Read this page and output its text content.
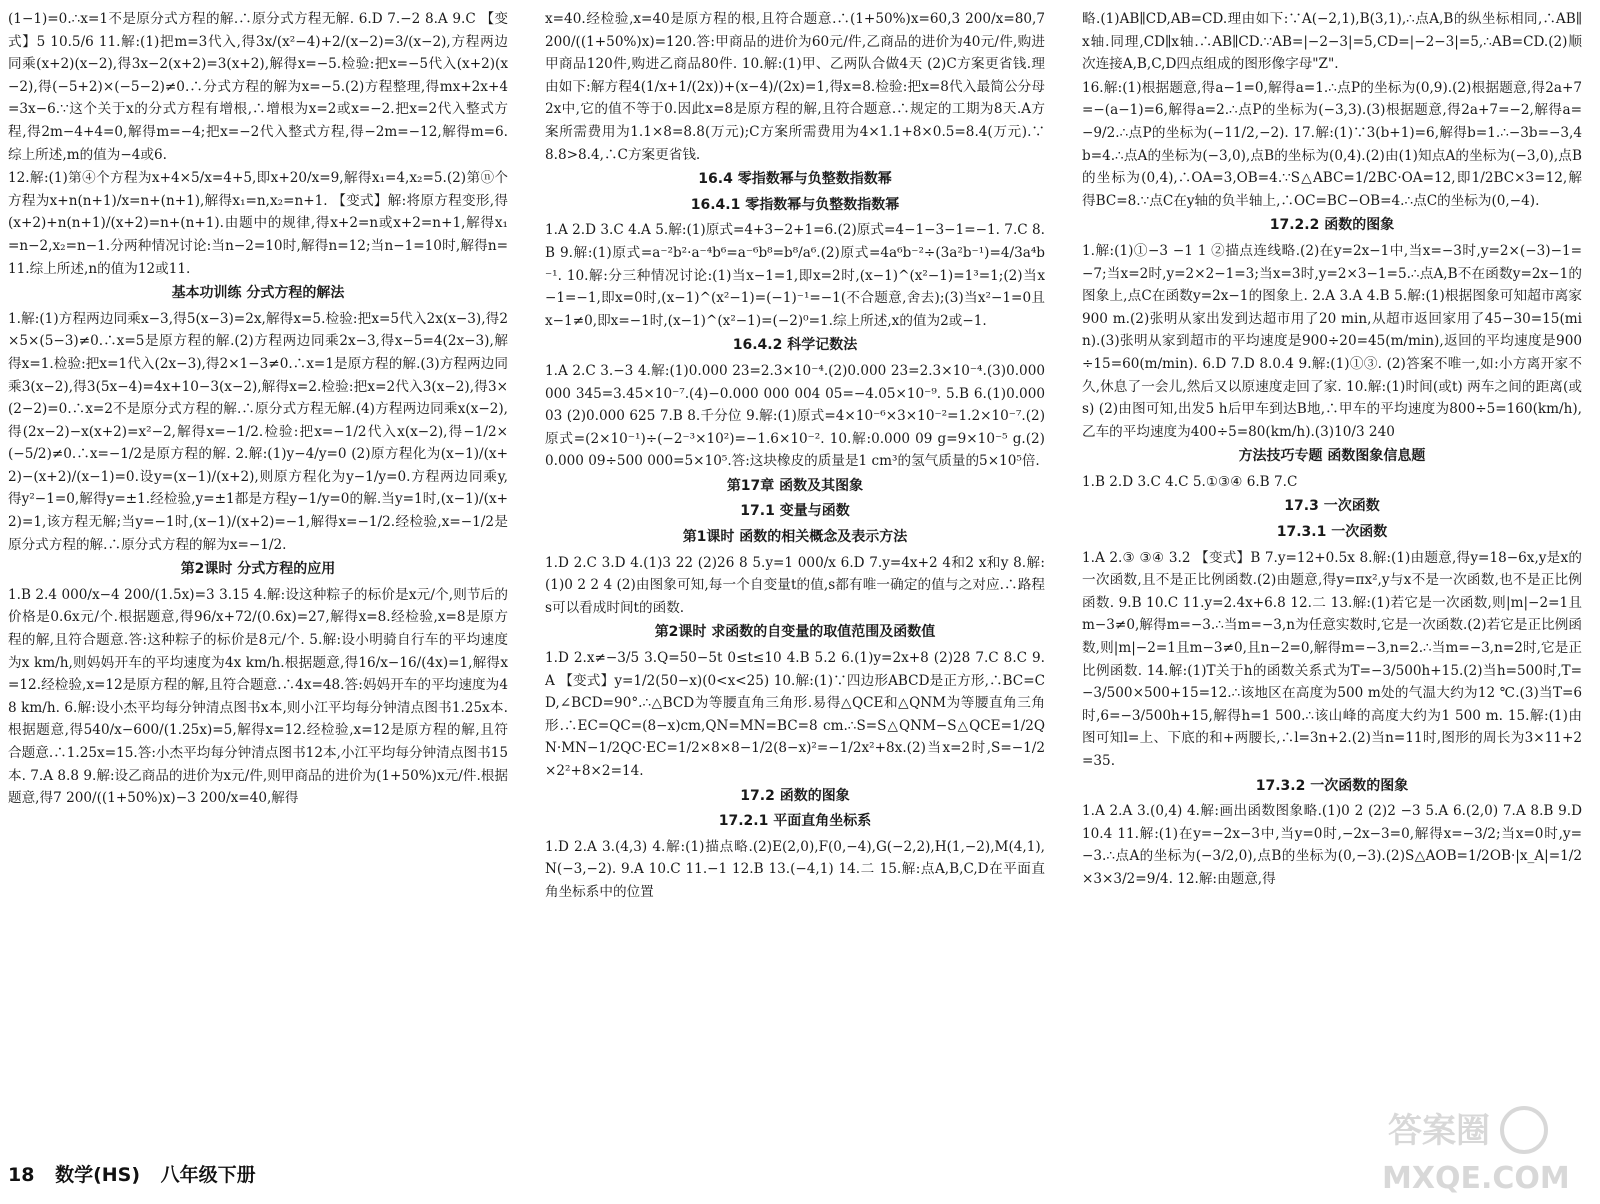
(1−1)=0.∴x=1不是原分式方程的解.∴原分式方程无解. 6.D 7.−2 8.A 9.C 【变式】5 10.5/6 11.解:(1)把m=3代入,得3x/(x²−4)+2/(x−2)=3/(x−2),方程两边同乘(x+2)(x−2),得3x−2(x+2)=3(x+2),解得x=−5.检验:把x=−5代入(x+2)(x−2),得(−5+2)×(−5−2)≠0.∴分式方程的解为x=−5.(2)方程整理,得mx+2x+4=3x−6.∵这个关于x的分式方程有增根,∴增根为x=2或x=−2.把x=2代入整式方程,得2m−4+4=0,解得m=−4;把x=−2代入整式方程,得−2m=−12,解得m=6.综上所述,m的值为−4或6.

12.解:(1)第④个方程为x+4×5/x=4+5,即x+20/x=9,解得x₁=4,x₂=5.(2)第ⓝ个方程为x+n(n+1)/x=n+(n+1),解得x₁=n,x₂=n+1. 【变式】解:将原方程变形,得(x+2)+n(n+1)/(x+2)=n+(n+1).由题中的规律,得x+2=n或x+2=n+1,解得x₁=n−2,x₂=n−1.分两种情况讨论:当n−2=10时,解得n=12;当n−1=10时,解得n=11.综上所述,n的值为12或11.

基本功训练 分式方程的解法

1.解:(1)方程两边同乘x−3,得5(x−3)=2x,解得x=5.检验:把x=5代入2x(x−3),得2×5×(5−3)≠0.∴x=5是原方程的解.(2)方程两边同乘2x−3,得x−5=4(2x−3),解得x=1.检验:把x=1代入(2x−3),得2×1−3≠0.∴x=1是原方程的解.(3)方程两边同乘3(x−2),得3(5x−4)=4x+10−3(x−2),解得x=2.检验:把x=2代入3(x−2),得3×(2−2)=0.∴x=2不是原分式方程的解.∴原分式方程无解.(4)方程两边同乘x(x−2),得(2x−2)−x(x+2)=x²−2,解得x=−1/2.检验:把x=−1/2代入x(x−2),得−1/2×(−5/2)≠0.∴x=−1/2是原方程的解. 2.解:(1)y−4/y=0 (2)原方程化为(x−1)/(x+2)−(x+2)/(x−1)=0.设y=(x−1)/(x+2),则原方程化为y−1/y=0.方程两边同乘y,得y²−1=0,解得y=±1.经检验,y=±1都是方程y−1/y=0的解.当y=1时,(x−1)/(x+2)=1,该方程无解;当y=−1时,(x−1)/(x+2)=−1,解得x=−1/2.经检验,x=−1/2是原分式方程的解.∴原分式方程的解为x=−1/2.

第2课时 分式方程的应用

1.B 2.4 000/x−4 200/(1.5x)=3 3.15 4.解:设这种粽子的标价是x元/个,则节后的价格是0.6x元/个.根据题意,得96/x+72/(0.6x)=27,解得x=8.经检验,x=8是原方程的解,且符合题意.答:这种粽子的标价是8元/个. 5.解:设小明骑自行车的平均速度为x km/h,则妈妈开车的平均速度为4x km/h.根据题意,得16/x−16/(4x)=1,解得x=12.经检验,x=12是原方程的解,且符合题意.∴4x=48.答:妈妈开车的平均速度为48 km/h. 6.解:设小杰平均每分钟清点图书x本,则小江平均每分钟清点图书1.25x本.根据题意,得540/x−600/(1.25x)=5,解得x=12.经检验,x=12是原方程的解,且符合题意.∴1.25x=15.答:小杰平均每分钟清点图书12本,小江平均每分钟清点图书15本. 7.A 8.8 9.解:设乙商品的进价为x元/件,则甲商品的进价为(1+50%)x元/件.根据题意,得7 200/((1+50%)x)−3 200/x=40,解得

x=40.经检验,x=40是原方程的根,且符合题意.∴(1+50%)x=60,3 200/x=80,7 200/((1+50%)x)=120.答:甲商品的进价为60元/件,乙商品的进价为40元/件,购进甲商品120件,购进乙商品80件. 10.解:(1)甲、乙两队合做4天 (2)C方案更省钱.理由如下:解方程4(1/x+1/(2x))+(x−4)/(2x)=1,得x=8.检验:把x=8代入最简公分母2x中,它的值不等于0.因此x=8是原方程的解,且符合题意.∴规定的工期为8天.A方案所需费用为1.1×8=8.8(万元);C方案所需费用为4×1.1+8×0.5=8.4(万元).∵8.8>8.4,∴C方案更省钱.

16.4 零指数幂与负整数指数幂
16.4.1 零指数幂与负整数指数幂

1.A 2.D 3.C 4.A 5.解:(1)原式=4+3−2+1=6.(2)原式=4−1−3−1=−1. 7.C 8.B 9.解:(1)原式=a⁻²b²·a⁻⁴b⁶=a⁻⁶b⁸=b⁸/a⁶.(2)原式=4a⁶b⁻²÷(3a²b⁻¹)=4/3a⁴b⁻¹. 10.解:分三种情况讨论:(1)当x−1=1,即x=2时,(x−1)^(x²−1)=1³=1;(2)当x−1=−1,即x=0时,(x−1)^(x²−1)=(−1)⁻¹=−1(不合题意,舍去);(3)当x²−1=0且x−1≠0,即x=−1时,(x−1)^(x²−1)=(−2)⁰=1.综上所述,x的值为2或−1.

16.4.2 科学记数法

1.A 2.C 3.−3 4.解:(1)0.000 23=2.3×10⁻⁴.(2)0.000 23=2.3×10⁻⁴.(3)0.000 000 345=3.45×10⁻⁷.(4)−0.000 000 004 05=−4.05×10⁻⁹. 5.B 6.(1)0.000 03 (2)0.000 625 7.B 8.千分位 9.解:(1)原式=4×10⁻⁶×3×10⁻²=1.2×10⁻⁷.(2)原式=(2×10⁻¹)÷(−2⁻³×10²)=−1.6×10⁻². 10.解:0.000 09 g=9×10⁻⁵ g.(2)0.000 09÷500 000=5×10⁵.答:这块橡皮的质量是1 cm³的氢气质量的5×10⁵倍.

第17章 函数及其图象
17.1 变量与函数
第1课时 函数的相关概念及表示方法

1.D 2.C 3.D 4.(1)3 22 (2)26 8 5.y=1 000/x 6.D 7.y=4x+2 4和2 x和y 8.解:(1)0 2 2 4 (2)由图象可知,每一个自变量t的值,s都有唯一确定的值与之对应.∴路程s可以看成时间t的函数.

第2课时 求函数的自变量的取值范围及函数值

1.D 2.x≠−3/5 3.Q=50−5t 0≤t≤10 4.B 5.2 6.(1)y=2x+8 (2)28 7.C 8.C 9.A 【变式】y=1/2(50−x)(0<x<25) 10.解:(1)∵四边形ABCD是正方形,∴BC=CD,∠BCD=90°.∴△BCD为等腰直角三角形.易得△QCE和△QNM为等腰直角三角形.∴EC=QC=(8−x)cm,QN=MN=BC=8 cm.∴S=S△QNM−S△QCE=1/2QN·MN−1/2QC·EC=1/2×8×8−1/2(8−x)²=−1/2x²+8x.(2)当x=2时,S=−1/2×2²+8×2=14.

17.2 函数的图象
17.2.1 平面直角坐标系

1.D 2.A 3.(4,3) 4.解:(1)描点略.(2)E(2,0),F(0,−4),G(−2,2),H(1,−2),M(4,1),N(−3,−2). 9.A 10.C 11.−1 12.B 13.(−4,1) 14.二 15.解:点A,B,C,D在平面直角坐标系中的位置

略.(1)AB∥CD,AB=CD.理由如下:∵A(−2,1),B(3,1),∴点A,B的纵坐标相同,∴AB∥x轴.同理,CD∥x轴.∴AB∥CD.∵AB=|−2−3|=5,CD=|−2−3|=5,∴AB=CD.(2)顺次连接A,B,C,D四点组成的图形像字母"Z".

16.解:(1)根据题意,得a−1=0,解得a=1.∴点P的坐标为(0,9).(2)根据题意,得2a+7=−(a−1)=6,解得a=2.∴点P的坐标为(−3,3).(3)根据题意,得2a+7=−2,解得a=−9/2.∴点P的坐标为(−11/2,−2). 17.解:(1)∵3(b+1)=6,解得b=1.∴−3b=−3,4b=4.∴点A的坐标为(−3,0),点B的坐标为(0,4).(2)由(1)知点A的坐标为(−3,0),点B的坐标为(0,4),∴OA=3,OB=4.∵S△ABC=1/2BC·OA=12,即1/2BC×3=12,解得BC=8.∵点C在y轴的负半轴上,∴OC=BC−OB=4.∴点C的坐标为(0,−4).

17.2.2 函数的图象

1.解:(1)①−3 −1 1 ②描点连线略.(2)在y=2x−1中,当x=−3时,y=2×(−3)−1=−7;当x=2时,y=2×2−1=3;当x=3时,y=2×3−1=5.∴点A,B不在函数y=2x−1的图象上,点C在函数y=2x−1的图象上. 2.A 3.A 4.B 5.解:(1)根据图象可知超市离家900 m.(2)张明从家出发到达超市用了20 min,从超市返回家用了45−30=15(min).(3)张明从家到超市的平均速度是900÷20=45(m/min),返回的平均速度是900÷15=60(m/min). 6.D 7.D 8.0.4 9.解:(1)①③. (2)答案不唯一,如:小方离开家不久,休息了一会儿,然后又以原速度走回了家. 10.解:(1)时间(或t) 两车之间的距离(或s) (2)由图可知,出发5 h后甲车到达B地,∴甲车的平均速度为800÷5=160(km/h),乙车的平均速度为400÷5=80(km/h).(3)10/3 240

方法技巧专题 函数图象信息题

1.B 2.D 3.C 4.C 5.①③④ 6.B 7.C

17.3 一次函数
17.3.1 一次函数

1.A 2.③ ③④ 3.2 【变式】B 7.y=12+0.5x 8.解:(1)由题意,得y=18−6x,y是x的一次函数,且不是正比例函数.(2)由题意,得y=πx²,y与x不是一次函数,也不是正比例函数. 9.B 10.C 11.y=2.4x+6.8 12.二 13.解:(1)若它是一次函数,则|m|−2=1且m−3≠0,解得m=−3.∴当m=−3,n为任意实数时,它是一次函数.(2)若它是正比例函数,则|m|−2=1且m−3≠0,且n−2=0,解得m=−3,n=2.∴当m=−3,n=2时,它是正比例函数. 14.解:(1)T关于h的函数关系式为T=−3/500h+15.(2)当h=500时,T=−3/500×500+15=12.∴该地区在高度为500 m处的气温大约为12 ℃.(3)当T=6时,6=−3/500h+15,解得h=1 500.∴该山峰的高度大约为1 500 m. 15.解:(1)由图可知l=上、下底的和+两腰长,∴l=3n+2.(2)当n=11时,图形的周长为3×11+2=35.

17.3.2 一次函数的图象

1.A 2.A 3.(0,4) 4.解:画出函数图象略.(1)0 2 (2)2 −3 5.A 6.(2,0) 7.A 8.B 9.D 10.4 11.解:(1)在y=−2x−3中,当y=0时,−2x−3=0,解得x=−3/2;当x=0时,y=−3.∴点A的坐标为(−3/2,0),点B的坐标为(0,−3).(2)S△AOB=1/2OB·|x_A|=1/2×3×3/2=9/4. 12.解:由题意,得

18 数学(HS) 八年级下册
答案圈
MXQE.COM
